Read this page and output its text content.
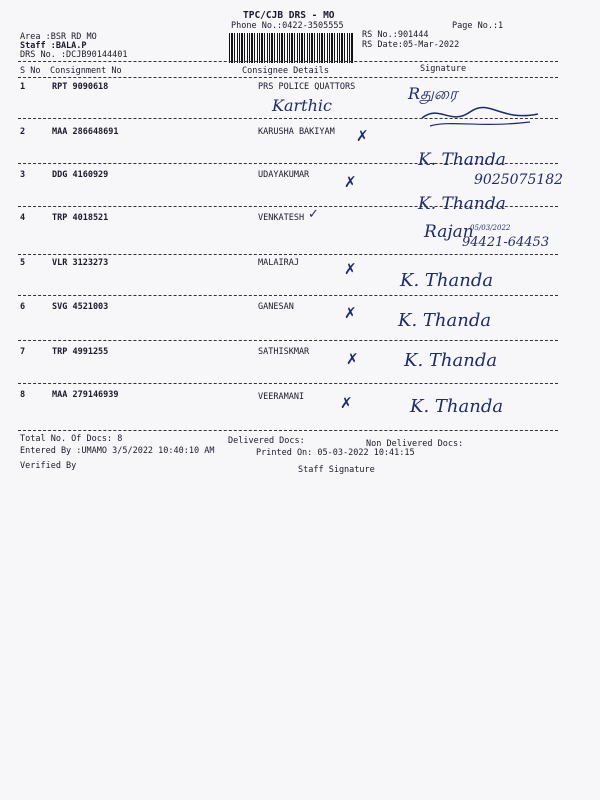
TPC/CJB DRS - MO
Phone No.:0422-3505555	Page No.:1
Area :BSR RD MO
Staff :BALA.P
DRS No. :DCJB90144401
RS No.:901444
RS Date:05-Mar-2022
S No Consignment No	Consignee Details	Signature
1	RPT 9090618	PRS POLICE QUATTORS
Karthic
Rதுரை
2	MAA 286648691	KARUSHA BAKIYAM ✗
K. Thanda
3	DDG 4160929	UDAYAKUMAR ✗	9025075182
K. Thanda
4	TRP 4018521	VENKATESH ✓
Rajan
05/03/2022
94421-64453
5	VLR 3123273	MALAIRAJ	✗
K. Thanda
6	SVG 4521003	GANESAN	✗ K. Thanda
7	TRP 4991255	SATHISKMAR ✗	K. Thanda
8	MAA 279146939	VEERAMANI ✗	K. Thanda
Total No. Of Docs: 8	Delivered Docs:	Non Delivered Docs:
Entered By :UMAMO 3/5/2022 10:40:10 AM	Printed On: 05-03-2022 10:41:15
Verified By	Staff Signature
